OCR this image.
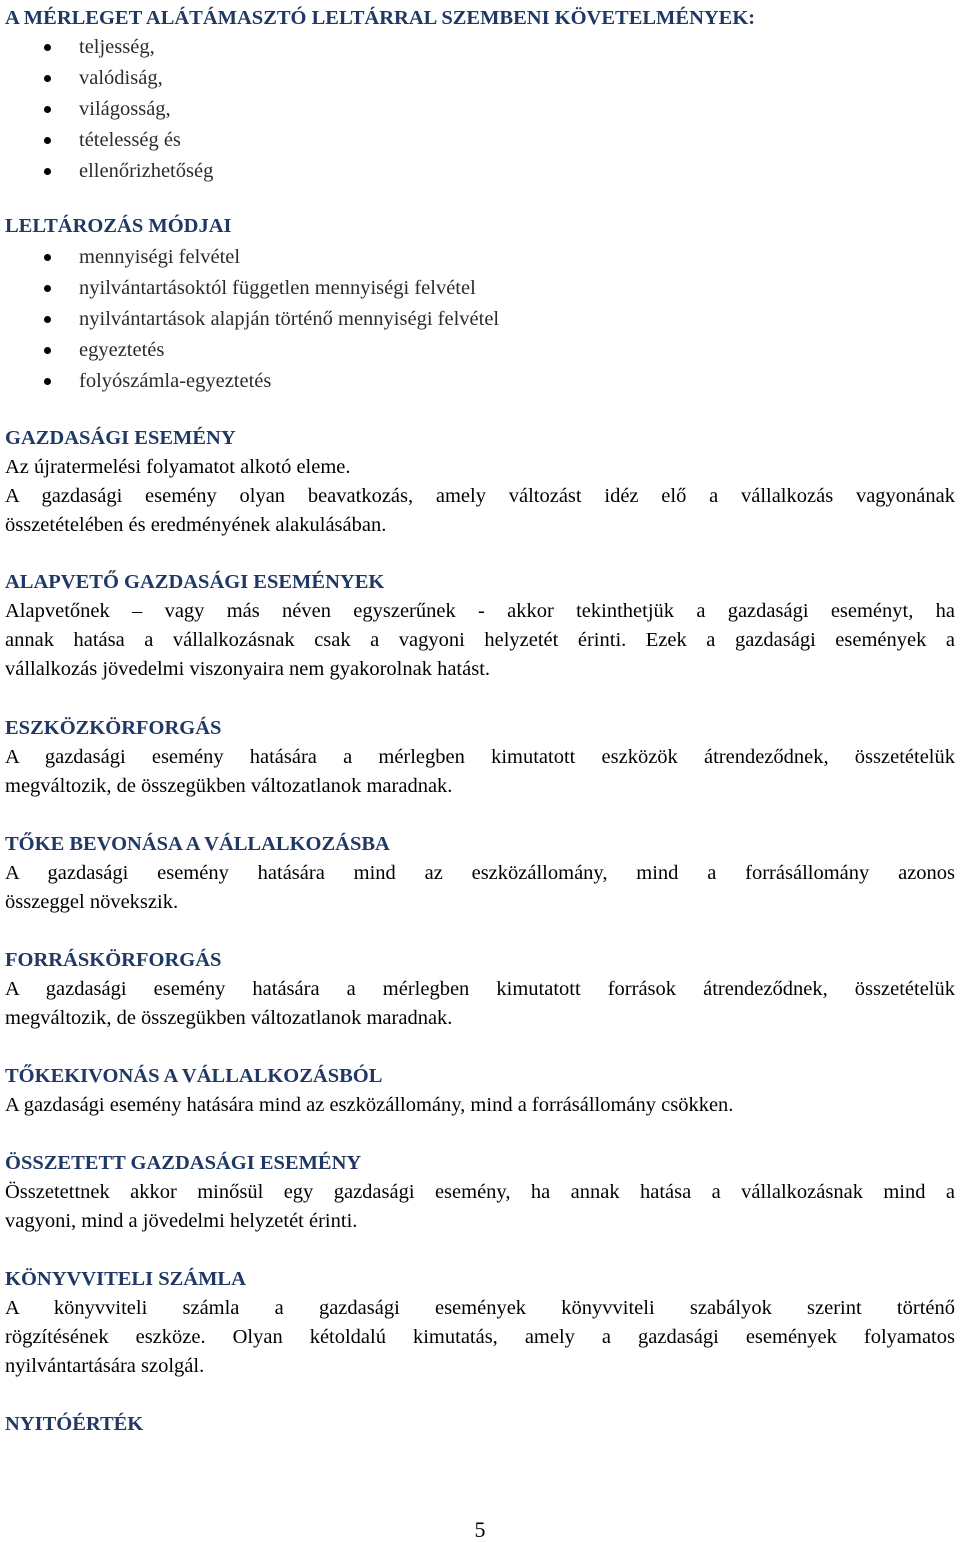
A MÉRLEGET ALÁTÁMASZTÓ LELTÁRRAL SZEMBENI KÖVETELMÉNYEK:
teljesség,
valódiság,
világosság,
tételesség és
ellenőrizhetőség
LELTÁROZÁS MÓDJAI
mennyiségi felvétel
nyilvántartásoktól független mennyiségi felvétel
nyilvántartások alapján történő mennyiségi felvétel
egyeztetés
folyószámla-egyeztetés
GAZDASÁGI ESEMÉNY
Az újratermelési folyamatot alkotó eleme.
A gazdasági esemény olyan beavatkozás, amely változást idéz elő a vállalkozás vagyonának
összetételében és eredményének alakulásában.
ALAPVETŐ GAZDASÁGI ESEMÉNYEK
Alapvetőnek – vagy más néven egyszerűnek - akkor tekinthetjük a gazdasági eseményt, ha
annak hatása a vállalkozásnak csak a vagyoni helyzetét érinti. Ezek a gazdasági események a
vállalkozás jövedelmi viszonyaira nem gyakorolnak hatást.
ESZKÖZKÖRFORGÁS
A gazdasági esemény hatására a mérlegben kimutatott eszközök átrendeződnek, összetételük
megváltozik, de összegükben változatlanok maradnak.
TŐKE BEVONÁSA A VÁLLALKOZÁSBA
A gazdasági esemény hatására mind az eszközállomány, mind a forrásállomány azonos
összeggel növekszik.
FORRÁSKÖRFORGÁS
A gazdasági esemény hatására a mérlegben kimutatott források átrendeződnek, összetételük
megváltozik, de összegükben változatlanok maradnak.
TŐKEKIVONÁS A VÁLLALKOZÁSBÓL
A gazdasági esemény hatására mind az eszközállomány, mind a forrásállomány csökken.
ÖSSZETETT GAZDASÁGI ESEMÉNY
Összetettnek akkor minősül egy gazdasági esemény, ha annak hatása a vállalkozásnak mind a
vagyoni, mind a jövedelmi helyzetét érinti.
KÖNYVVITELI SZÁMLA
A könyvviteli számla a gazdasági események könyvviteli szabályok szerint történő
rögzítésének eszköze. Olyan kétoldalú kimutatás, amely a gazdasági események folyamatos
nyilvántartására szolgál.
NYITÓÉRTÉK
5
